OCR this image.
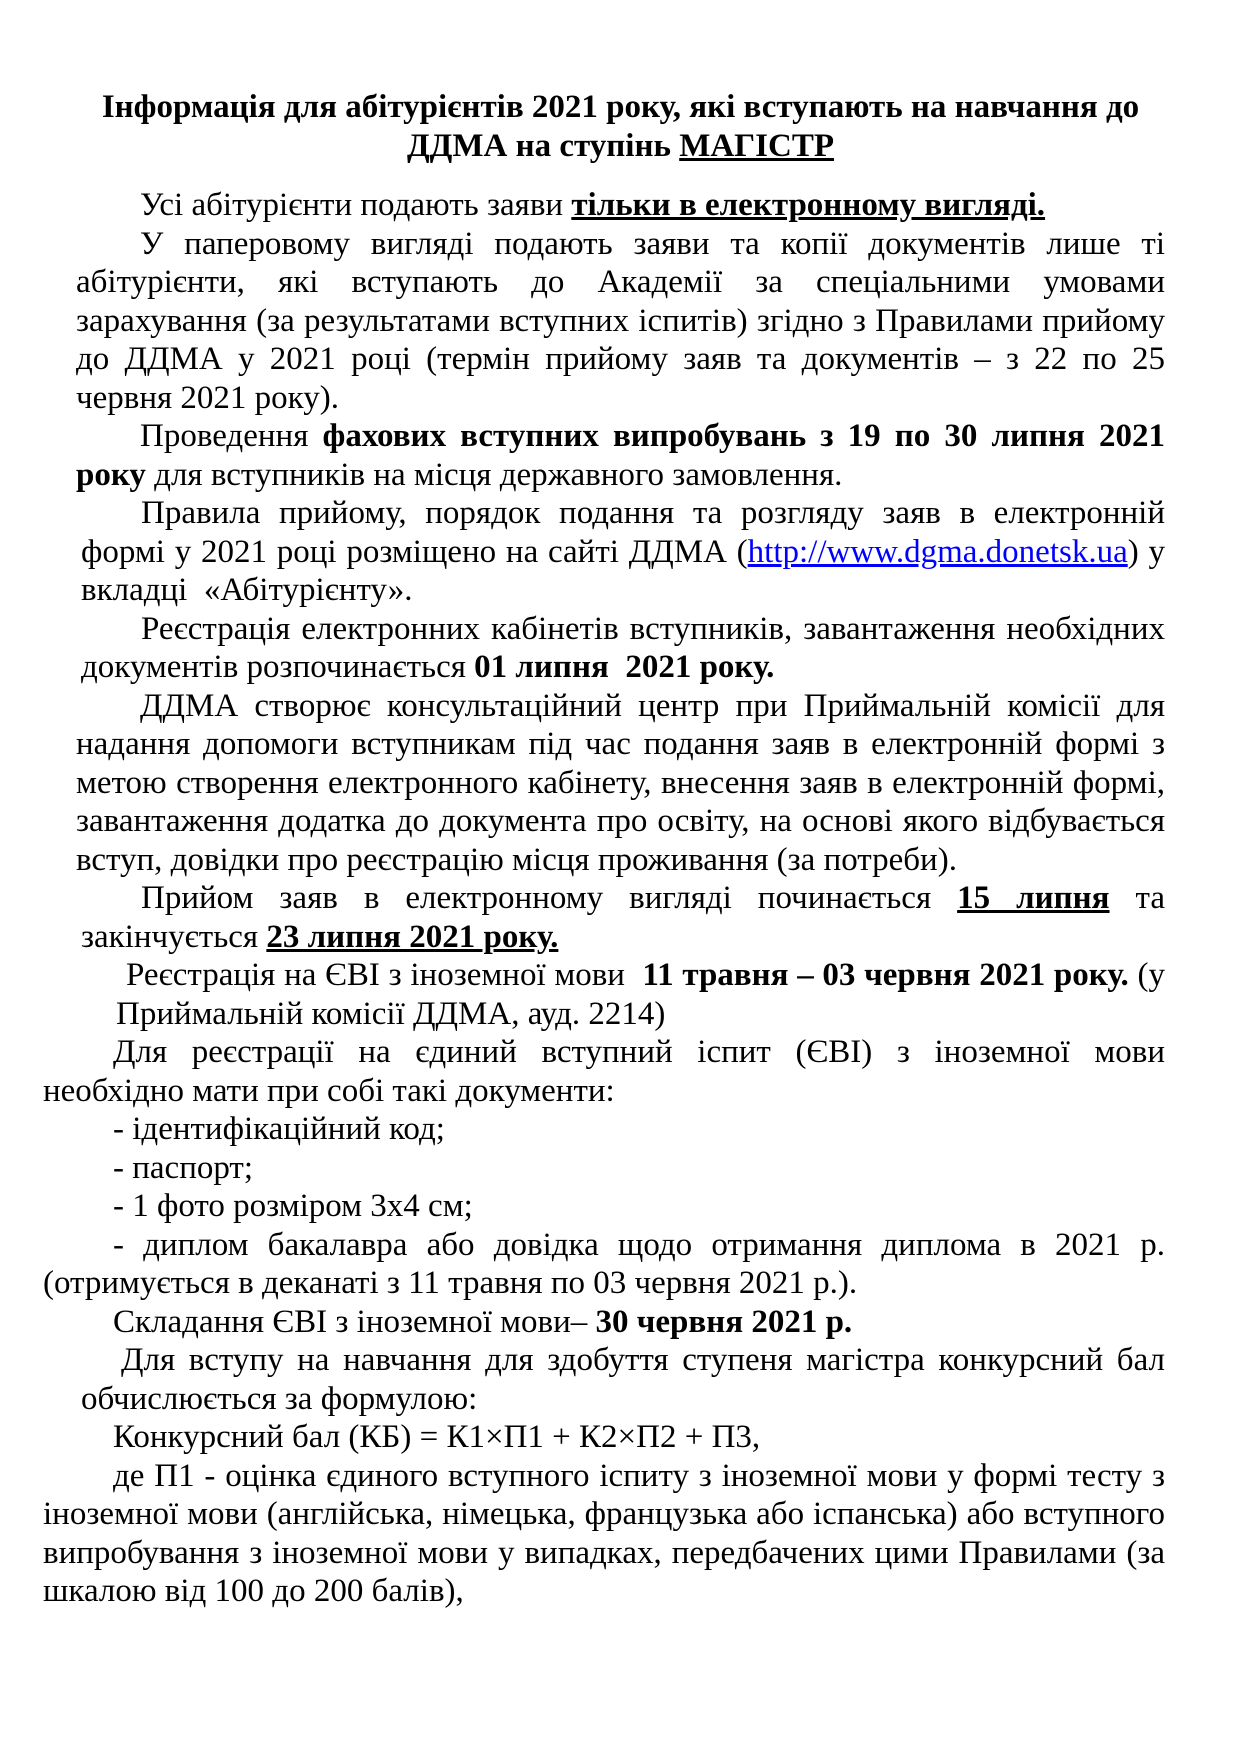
Інформація для абітурієнтів 2021 року, які вступають на навчання до
ДДМА на ступінь МАГІСТР

Усі абітурієнти подають заяви тільки в електронному вигляді.

У паперовому вигляді подають заяви та копії документів лише ті абітурієнти, які вступають до Академії за спеціальними умовами зарахування (за результатами вступних іспитів) згідно з Правилами прийому до ДДМА у 2021 році (термін прийому заяв та документів – з 22 по 25 червня 2021 року).

Проведення фахових вступних випробувань з 19 по 30 липня 2021 року для вступників на місця державного замовлення.

Правила прийому, порядок подання та розгляду заяв в електронній формі у 2021 році розміщено на сайті ДДМА (http://www.dgma.donetsk.ua) у вкладці  «Абітурієнту».

Реєстрація електронних кабінетів вступників, завантаження необхідних документів розпочинається 01 липня  2021 року.

ДДМА створює консультаційний центр при Приймальній комісії для надання допомоги вступникам під час подання заяв в електронній формі з метою створення електронного кабінету, внесення заяв в електронній формі, завантаження додатка до документа про освіту, на основі якого відбувається вступ, довідки про реєстрацію місця проживання (за потреби).

Прийом заяв в електронному вигляді починається 15 липня та закінчується 23 липня 2021 року.

Реєстрація на ЄВІ з іноземної мови  11 травня – 03 червня 2021 року. (у Приймальній комісії ДДМА, ауд. 2214)

Для реєстрації на єдиний вступний іспит (ЄВІ) з іноземної мови необхідно мати при собі такі документи:

- ідентифікаційний код;

- паспорт;

- 1 фото розміром 3х4 см;

- диплом бакалавра або довідка щодо отримання диплома в 2021 р. (отримується в деканаті з 11 травня по 03 червня 2021 р.).

Складання ЄВІ з іноземної мови– 30 червня 2021 р.

Для вступу на навчання для здобуття ступеня магістра конкурсний бал обчислюється за формулою:

Конкурсний бал (КБ) = К1×П1 + К2×П2 + П3,

де П1 - оцінка єдиного вступного іспиту з іноземної мови у формі тесту з іноземної мови (англійська, німецька, французька або іспанська) або вступного випробування з іноземної мови у випадках, передбачених цими Правилами (за шкалою від 100 до 200 балів),
